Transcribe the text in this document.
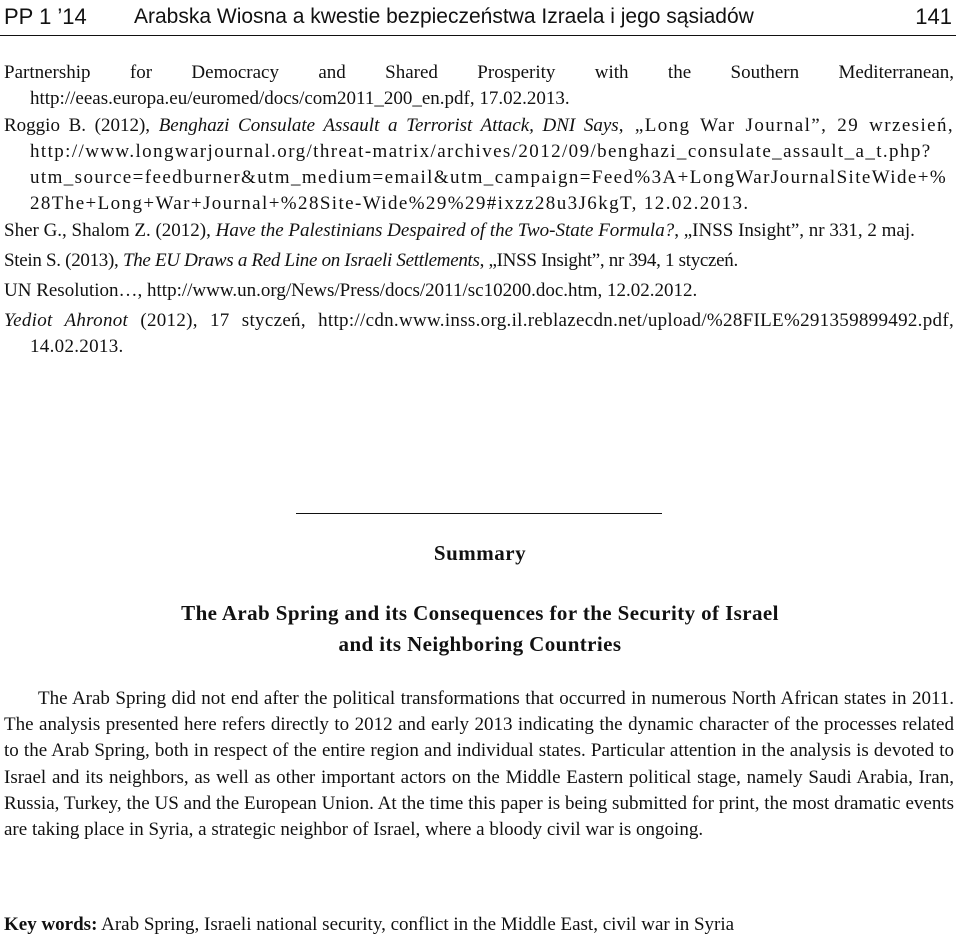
PP 1 ’14 Arabska Wiosna a kwestie bezpieczeństwa Izraela i jego sąsiadów	141
Partnership for Democracy and Shared Prosperity with the Southern Mediterranean, http://eeas.europa.eu/euromed/docs/com2011_200_en.pdf, 17.02.2013.
Roggio B. (2012), Benghazi Consulate Assault a Terrorist Attack, DNI Says, „Long War Journal”, 29 wrzesień, http://www.longwarjournal.org/threat-matrix/archives/2012/09/benghazi_consulate_assault_a_t.php?utm_source=feedburner&utm_medium=email&utm_campaign=Feed%3A+LongWarJournalSiteWide+%28The+Long+War+Journal+%28Site-Wide%29%29#ixzz28u3J6kgT, 12.02.2013.
Sher G., Shalom Z. (2012), Have the Palestinians Despaired of the Two-State Formula?, „INSS Insight”, nr 331, 2 maj.
Stein S. (2013), The EU Draws a Red Line on Israeli Settlements, „INSS Insight”, nr 394, 1 styczeń.
UN Resolution…, http://www.un.org/News/Press/docs/2011/sc10200.doc.htm, 12.02.2012.
Yediot Ahronot (2012), 17 styczeń, http://cdn.www.inss.org.il.reblazecdn.net/upload/%28FILE%291359899492.pdf, 14.02.2013.
Summary
The Arab Spring and its Consequences for the Security of Israel
and its Neighboring Countries
The Arab Spring did not end after the political transformations that occurred in numerous North African states in 2011. The analysis presented here refers directly to 2012 and early 2013 indicating the dynamic character of the processes related to the Arab Spring, both in respect of the entire region and individual states. Particular attention in the analysis is devoted to Israel and its neighbors, as well as other important actors on the Middle Eastern political stage, namely Saudi Arabia, Iran, Russia, Turkey, the US and the European Union. At the time this paper is being submitted for print, the most dramatic events are taking place in Syria, a strategic neighbor of Israel, where a bloody civil war is ongoing.
Key words: Arab Spring, Israeli national security, conflict in the Middle East, civil war in Syria
